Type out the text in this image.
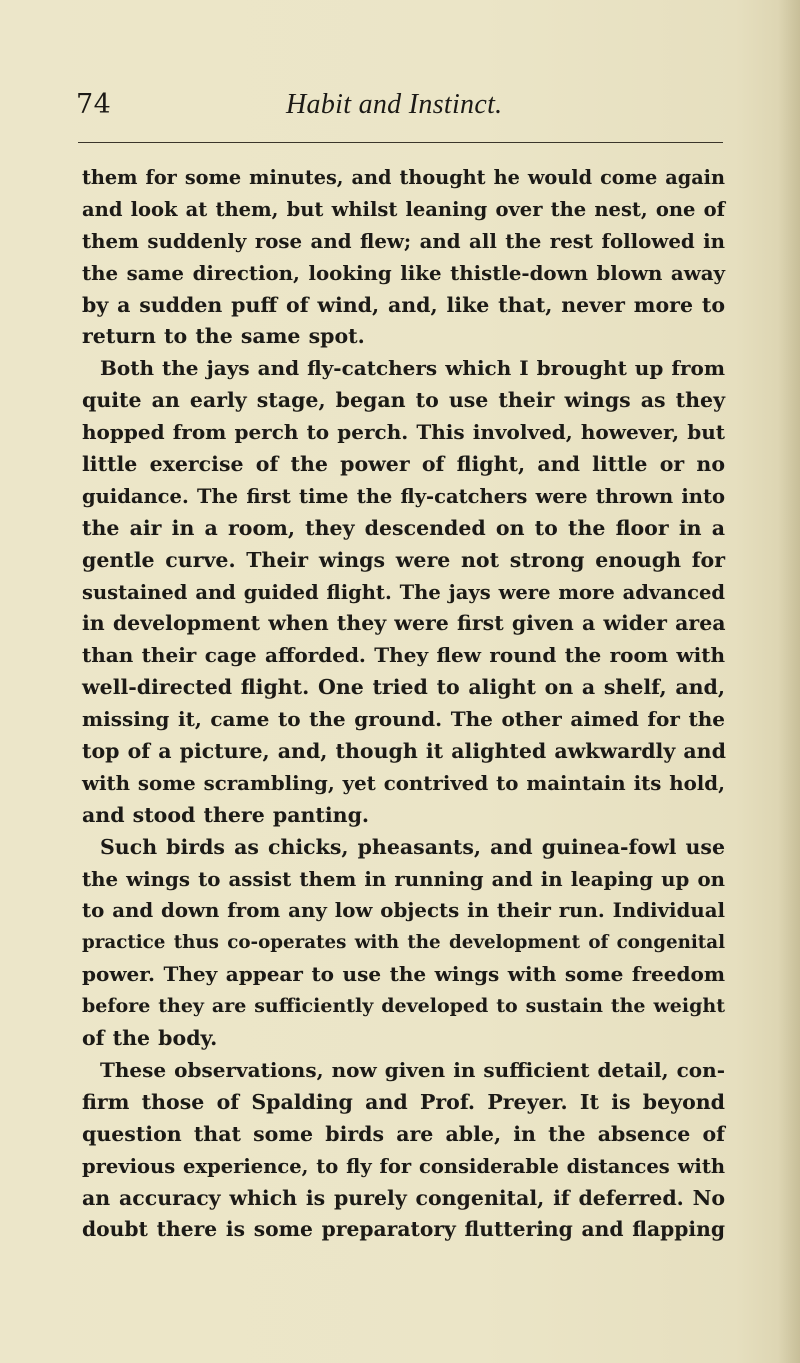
74	Habit and Instinct.
them for some minutes, and thought he would come again
and look at them, but whilst leaning over the nest, one of
them suddenly rose and flew; and all the rest followed in
the same direction, looking like thistle-down blown away
by a sudden puff of wind, and, like that, never more to
return to the same spot.
Both the jays and fly-catchers which I brought up from
quite an early stage, began to use their wings as they
hopped from perch to perch. This involved, however, but
little exercise of the power of flight, and little or no
guidance. The first time the fly-catchers were thrown into
the air in a room, they descended on to the floor in a
gentle curve. Their wings were not strong enough for
sustained and guided flight. The jays were more advanced
in development when they were first given a wider area
than their cage afforded. They flew round the room with
well-directed flight. One tried to alight on a shelf, and,
missing it, came to the ground. The other aimed for the
top of a picture, and, though it alighted awkwardly and
with some scrambling, yet contrived to maintain its hold,
and stood there panting.
Such birds as chicks, pheasants, and guinea-fowl use
the wings to assist them in running and in leaping up on
to and down from any low objects in their run. Individual
practice thus co-operates with the development of congenital
power. They appear to use the wings with some freedom
before they are sufficiently developed to sustain the weight
of the body.
These observations, now given in sufficient detail, con-
firm those of Spalding and Prof. Preyer. It is beyond
question that some birds are able, in the absence of
previous experience, to fly for considerable distances with
an accuracy which is purely congenital, if deferred. No
doubt there is some preparatory fluttering and flapping
